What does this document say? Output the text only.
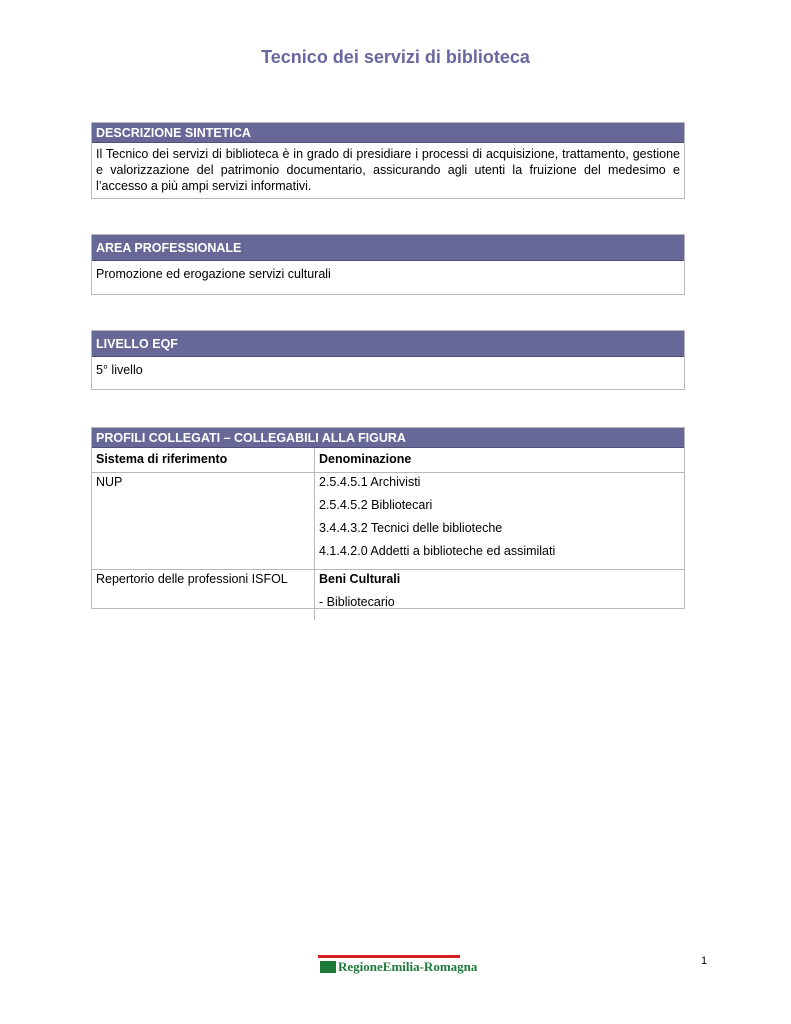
Tecnico dei servizi di biblioteca
DESCRIZIONE SINTETICA
Il Tecnico dei servizi di biblioteca è in grado di presidiare i processi di acquisizione, trattamento, gestione e valorizzazione del patrimonio documentario, assicurando agli utenti la fruizione del medesimo e l’accesso a più ampi servizi informativi.
AREA PROFESSIONALE
Promozione ed erogazione servizi culturali
LIVELLO EQF
5° livello
PROFILI COLLEGATI – COLLEGABILI ALLA FIGURA
Sistema di riferimento	Denominazione
NUP	2.5.4.5.1 Archivisti
2.5.4.5.2 Bibliotecari
3.4.4.3.2 Tecnici delle biblioteche
4.1.4.2.0 Addetti a biblioteche ed assimilati

Repertorio delle professioni ISFOL	Beni Culturali
- Bibliotecario
RegioneEmilia-Romagna	1
